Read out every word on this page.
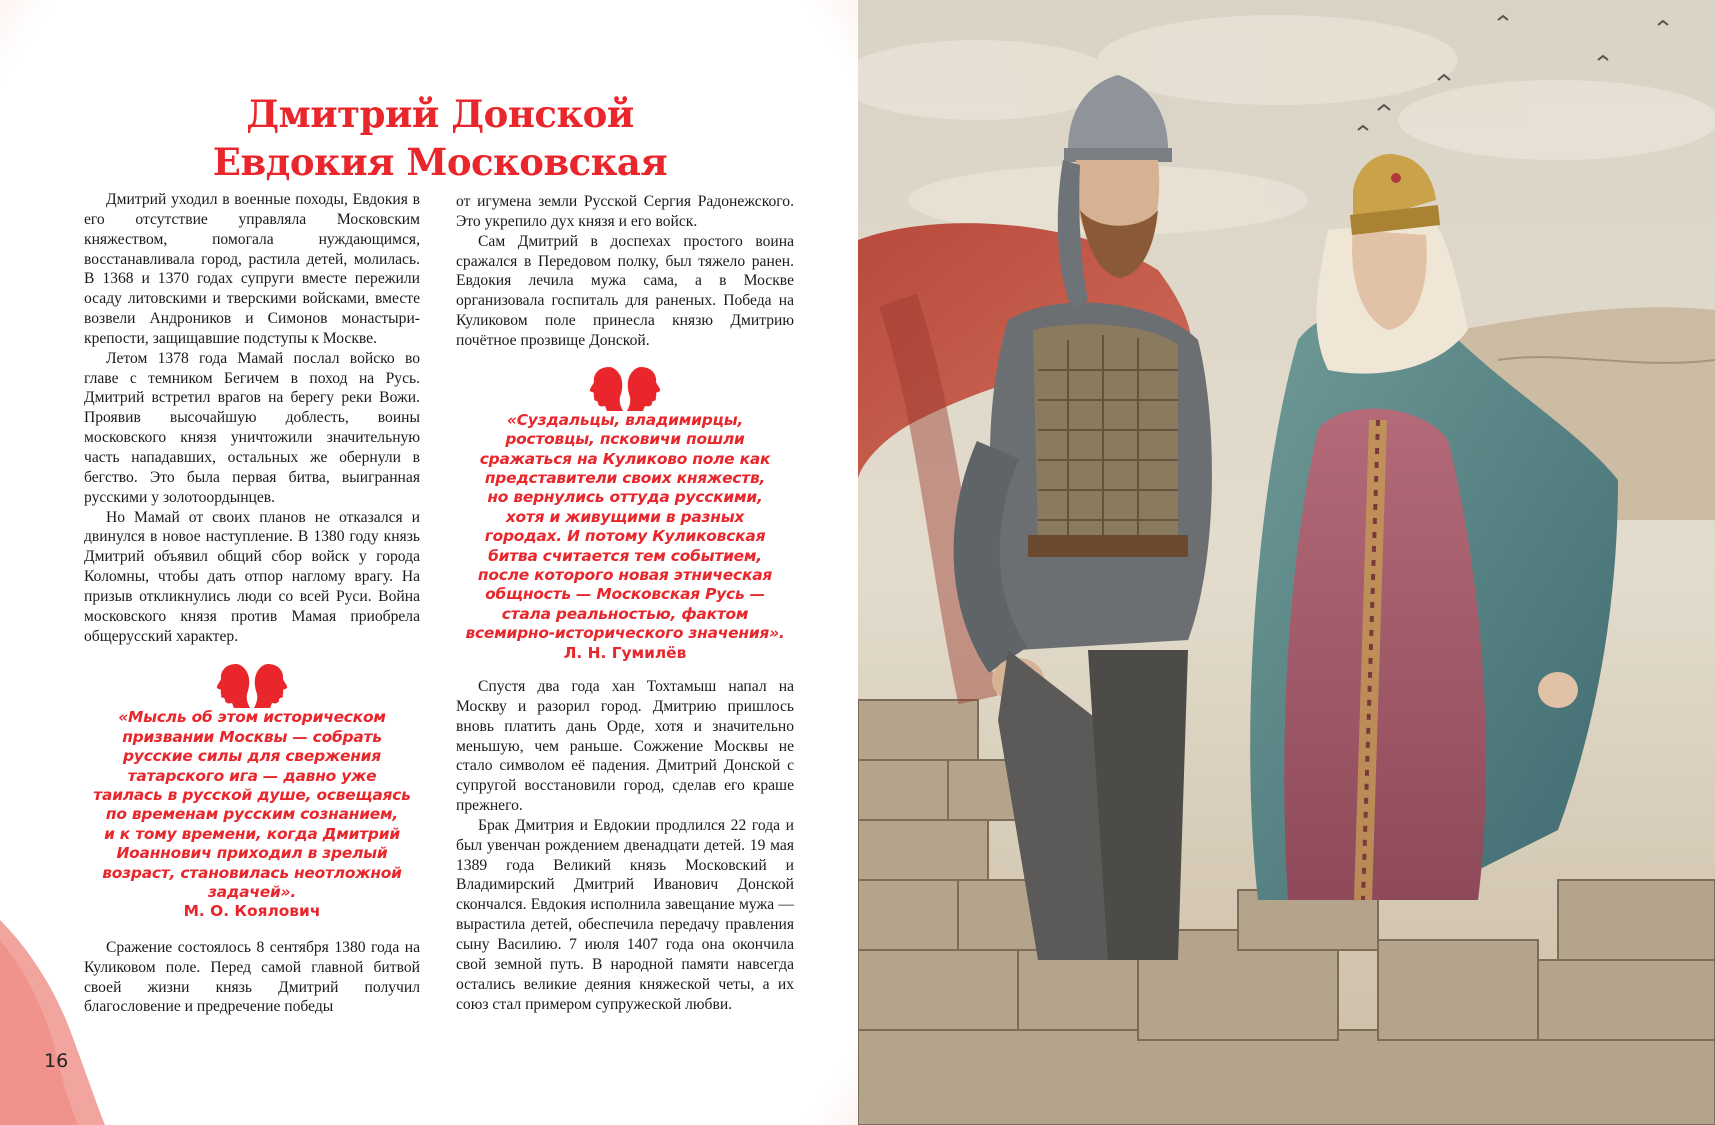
Дмитрий Донской
Евдокия Московская

Дмитрий уходил в военные походы, Евдокия в его отсутствие управляла Московским княжеством, помогала нуждающимся, восстанавливала город, растила детей, молилась. В 1368 и 1370 годах супруги вместе пережили осаду литовскими и тверскими войсками, вместе возвели Андроников и Симонов монастыри-крепости, защищавшие подступы к Москве.

Летом 1378 года Мамай послал войско во главе с темником Бегичем в поход на Русь. Дмитрий встретил врагов на берегу реки Вожи. Проявив высочайшую доблесть, воины московского князя уничтожили значительную часть нападавших, остальных же обернули в бегство. Это была первая битва, выигранная русскими у золотоордынцев.

Но Мамай от своих планов не отказался и двинулся в новое наступление. В 1380 году князь Дмитрий объявил общий сбор войск у города Коломны, чтобы дать отпор наглому врагу. На призыв откликнулись люди со всей Руси. Война московского князя против Мамая приобрела общерусский характер.

«Мысль об этом историческом
призвании Москвы — собрать
русские силы для свержения
татарского ига — давно уже
таилась в русской душе, освещаясь
по временам русским сознанием,
и к тому времени, когда Дмитрий
Иоаннович приходил в зрелый
возраст, становилась неотложной
задачей».
М. О. Коялович

Сражение состоялось 8 сентября 1380 года на Куликовом поле. Перед самой главной битвой своей жизни князь Дмитрий получил благословение и предречение победы

от игумена земли Русской Сергия Радонежского. Это укрепило дух князя и его войск.

Сам Дмитрий в доспехах простого воина сражался в Передовом полку, был тяжело ранен. Евдокия лечила мужа сама, а в Москве организовала госпиталь для раненых. Победа на Куликовом поле принесла князю Дмитрию почётное прозвище Донской.

«Суздальцы, владимирцы,
ростовцы, псковичи пошли
сражаться на Куликово поле как
представители своих княжеств,
но вернулись оттуда русскими,
хотя и живущими в разных
городах. И потому Куликовская
битва считается тем событием,
после которого новая этническая
общность — Московская Русь —
стала реальностью, фактом
всемирно-исторического значения».
Л. Н. Гумилёв

Спустя два года хан Тохтамыш напал на Москву и разорил город. Дмитрию пришлось вновь платить дань Орде, хотя и значительно меньшую, чем раньше. Сожжение Москвы не стало символом её падения. Дмитрий Донской с супругой восстановили город, сделав его краше прежнего.

Брак Дмитрия и Евдокии продлился 22 года и был увенчан рождением двенадцати детей. 19 мая 1389 года Великий князь Московский и Владимирский Дмитрий Иванович Донской скончался. Евдокия исполнила завещание мужа — вырастила детей, обеспечила передачу правления сыну Василию. 7 июля 1407 года она окончила свой земной путь. В народной памяти навсегда остались великие деяния княжеской четы, а их союз стал примером супружеской любви.

16
